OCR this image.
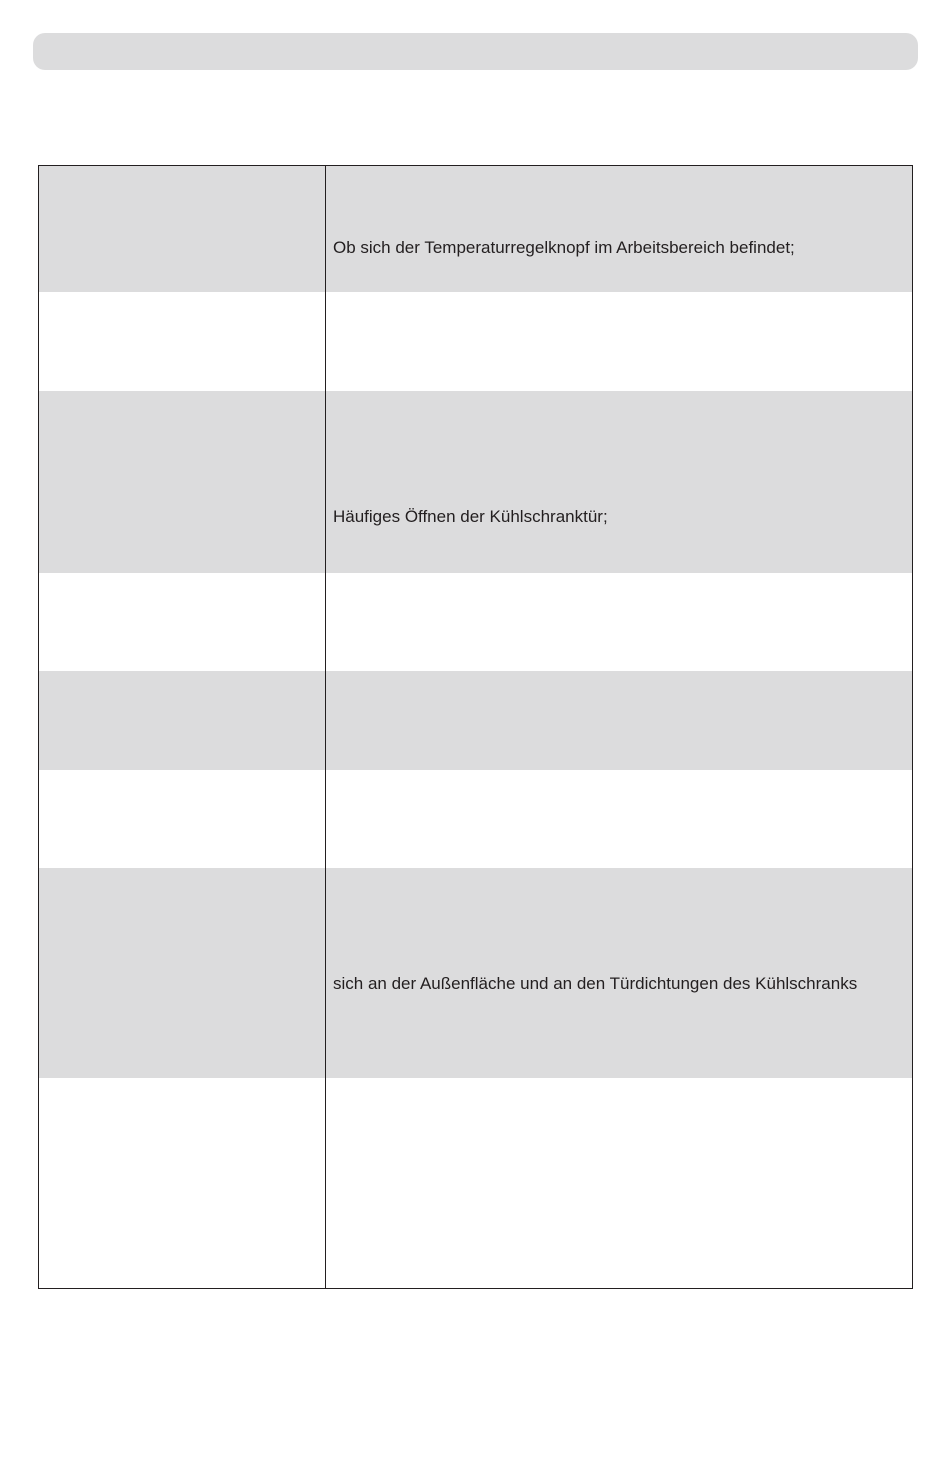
	Ob sich der Temperaturregelknopf im Arbeitsbereich befindet;

	Häufiges Öffnen der Kühlschranktür;

	sich an der Außenfläche und an den Türdichtungen des Kühlschranks
